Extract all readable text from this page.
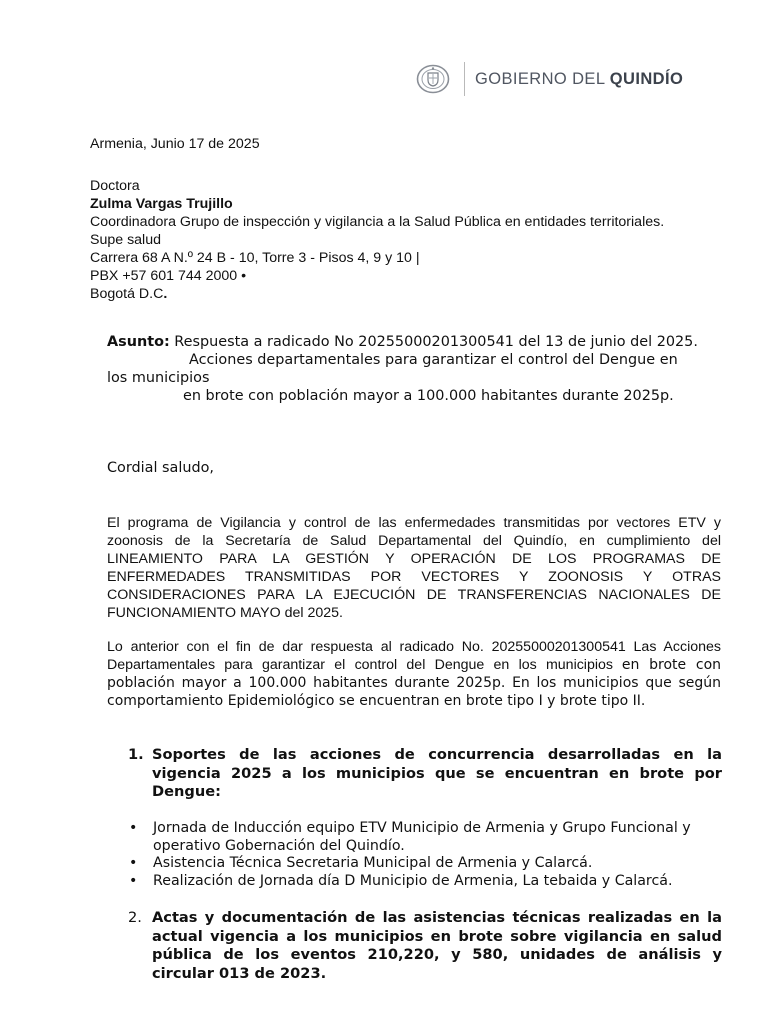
GOBIERNO DEL QUINDÍO
Armenia, Junio 17 de 2025
Doctora
Zulma Vargas Trujillo
Coordinadora Grupo de inspección y vigilancia a la Salud Pública en entidades territoriales.
Supe salud
Carrera 68 A N.º 24 B - 10, Torre 3 - Pisos 4, 9 y 10 |
PBX +57 601 744 2000 •
Bogotá D.C.
Asunto: Respuesta a radicado No 20255000201300541 del 13 de junio del 2025.
Acciones departamentales para garantizar el control del Dengue en
los municipios
en brote con población mayor a 100.000 habitantes durante 2025p.
Cordial saludo,
El programa de Vigilancia y control de las enfermedades transmitidas por vectores ETV y zoonosis de la Secretaría de Salud Departamental del Quindío, en cumplimiento del LINEAMIENTO PARA LA GESTIÓN Y OPERACIÓN DE LOS PROGRAMAS DE ENFERMEDADES TRANSMITIDAS POR VECTORES Y ZOONOSIS Y OTRAS CONSIDERACIONES PARA LA EJECUCIÓN DE TRANSFERENCIAS NACIONALES DE FUNCIONAMIENTO MAYO del 2025.
Lo anterior con el fin de dar respuesta al radicado No. 20255000201300541 Las Acciones Departamentales para garantizar el control del Dengue en los municipios en brote con población mayor a 100.000 habitantes durante 2025p. En los municipios que según comportamiento Epidemiológico se encuentran en brote tipo I y brote tipo II.
1. Soportes de las acciones de concurrencia desarrolladas en la vigencia 2025 a los municipios que se encuentran en brote por Dengue:
•	Jornada de Inducción equipo ETV Municipio de Armenia y Grupo Funcional y operativo Gobernación del Quindío.
•	Asistencia Técnica Secretaria Municipal de Armenia y Calarcá.
•	Realización de Jornada día D Municipio de Armenia, La tebaida y Calarcá.
2. Actas y documentación de las asistencias técnicas realizadas en la actual vigencia a los municipios en brote sobre vigilancia en salud pública de los eventos 210,220, y 580, unidades de análisis y circular 013 de 2023.
